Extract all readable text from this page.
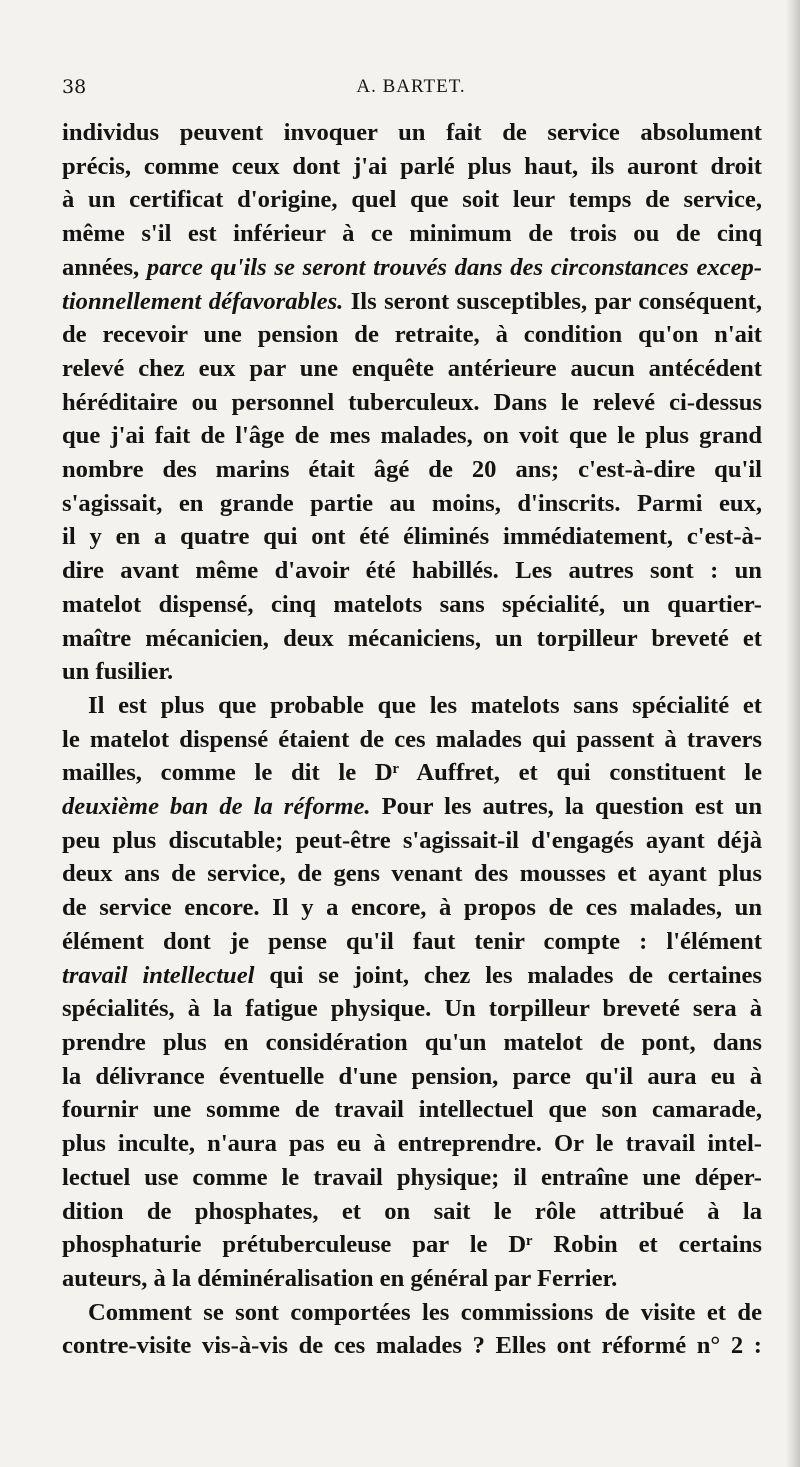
38	A. BARTET.
individus peuvent invoquer un fait de service absolument
précis, comme ceux dont j'ai parlé plus haut, ils auront droit
à un certificat d'origine, quel que soit leur temps de service,
même s'il est inférieur à ce minimum de trois ou de cinq
années, parce qu'ils se seront trouvés dans des circonstances excep-
tionnellement défavorables. Ils seront susceptibles, par conséquent,
de recevoir une pension de retraite, à condition qu'on n'ait
relevé chez eux par une enquête antérieure aucun antécédent
héréditaire ou personnel tuberculeux. Dans le relevé ci-dessus
que j'ai fait de l'âge de mes malades, on voit que le plus grand
nombre des marins était âgé de 20 ans; c'est-à-dire qu'il
s'agissait, en grande partie au moins, d'inscrits. Parmi eux,
il y en a quatre qui ont été éliminés immédiatement, c'est-à-
dire avant même d'avoir été habillés. Les autres sont : un
matelot dispensé, cinq matelots sans spécialité, un quartier-
maître mécanicien, deux mécaniciens, un torpilleur breveté et
un fusilier.
Il est plus que probable que les matelots sans spécialité et
le matelot dispensé étaient de ces malades qui passent à travers
mailles, comme le dit le Dʳ Auffret, et qui constituent le
deuxième ban de la réforme. Pour les autres, la question est un
peu plus discutable; peut-être s'agissait-il d'engagés ayant déjà
deux ans de service, de gens venant des mousses et ayant plus
de service encore. Il y a encore, à propos de ces malades, un
élément dont je pense qu'il faut tenir compte : l'élément
travail intellectuel qui se joint, chez les malades de certaines
spécialités, à la fatigue physique. Un torpilleur breveté sera à
prendre plus en considération qu'un matelot de pont, dans
la délivrance éventuelle d'une pension, parce qu'il aura eu à
fournir une somme de travail intellectuel que son camarade,
plus inculte, n'aura pas eu à entreprendre. Or le travail intel-
lectuel use comme le travail physique; il entraîne une déper-
dition de phosphates, et on sait le rôle attribué à la
phosphaturie prétuberculeuse par le Dʳ Robin et certains
auteurs, à la déminéralisation en général par Ferrier.
Comment se sont comportées les commissions de visite et de
contre-visite vis-à-vis de ces malades ? Elles ont réformé n° 2 :
